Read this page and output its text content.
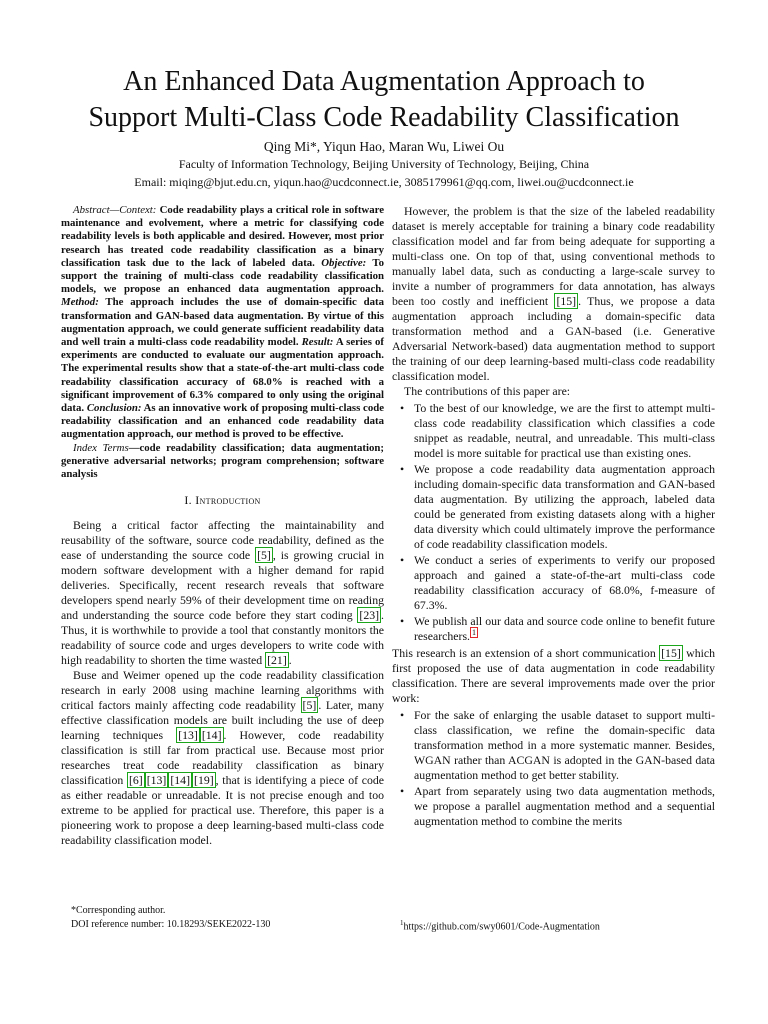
An Enhanced Data Augmentation Approach to
Support Multi-Class Code Readability Classification
Qing Mi*, Yiqun Hao, Maran Wu, Liwei Ou
Faculty of Information Technology, Beijing University of Technology, Beijing, China
Email: miqing@bjut.edu.cn, yiqun.hao@ucdconnect.ie, 3085179961@qq.com, liwei.ou@ucdconnect.ie

Abstract—Context: Code readability plays a critical role in software maintenance and evolvement, where a metric for classifying code readability levels is both applicable and desired. However, most prior research has treated code readability classification as a binary classification task due to the lack of labeled data. Objective: To support the training of multi-class code readability classification models, we propose an enhanced data augmentation approach. Method: The approach includes the use of domain-specific data transformation and GAN-based data augmentation. By virtue of this augmentation approach, we could generate sufficient readability data and well train a multi-class code readability model. Result: A series of experiments are conducted to evaluate our augmentation approach. The experimental results show that a state-of-the-art multi-class code readability classification accuracy of 68.0% is reached with a significant improvement of 6.3% compared to only using the original data. Conclusion: As an innovative work of proposing multi-class code readability classification and an enhanced code readability data augmentation approach, our method is proved to be effective.

Index Terms—code readability classification; data augmentation; generative adversarial networks; program comprehension; software analysis

I. Introduction

Being a critical factor affecting the maintainability and reusability of the software, source code readability, defined as the ease of understanding the source code [5] , is growing crucial in modern software development with a higher demand for rapid deliveries. Specifically, recent research reveals that software developers spend nearly 59% of their development time on reading and understanding the source code before they start coding [23] . Thus, it is worthwhile to provide a tool that constantly monitors the readability of source code and urges developers to write code with high readability to shorten the time wasted [21] .

Buse and Weimer opened up the code readability classification research in early 2008 using machine learning algorithms with critical factors mainly affecting code readability [5] . Later, many effective classification models are built including the use of deep learning techniques [13] [14] . However, code readability classification is still far from practical use. Because most prior researches treat code readability classification as binary classification [6] [13] [14] [19] , that is identifying a piece of code as either readable or unreadable. It is not precise enough and too extreme to be applied for practical use. Therefore, this paper is a pioneering work to propose a deep learning-based multi-class code readability classification model.

*Corresponding author.
DOI reference number: 10.18293/SEKE2022-130

However, the problem is that the size of the labeled readability dataset is merely acceptable for training a binary code readability classification model and far from being adequate for supporting a multi-class one. On top of that, using conventional methods to manually label data, such as conducting a large-scale survey to invite a number of programmers for data annotation, has always been too costly and inefficient [15] . Thus, we propose a data augmentation approach including a domain-specific data transformation method and a GAN-based (i.e. Generative Adversarial Network-based) data augmentation method to support the training of our deep learning-based multi-class code readability classification model.

The contributions of this paper are:

• To the best of our knowledge, we are the first to attempt multi-class code readability classification which classifies a code snippet as readable, neutral, and unreadable. This multi-class model is more suitable for practical use than existing ones.
• We propose a code readability data augmentation approach including domain-specific data transformation and GAN-based data augmentation. By utilizing the approach, labeled data could be generated from existing datasets along with a higher data diversity which could ultimately improve the performance of code readability classification models.
• We conduct a series of experiments to verify our proposed approach and gained a state-of-the-art multi-class code readability classification accuracy of 68.0%, f-measure of 67.3%.
• We publish all our data and source code online to benefit future researchers. $^1$

This research is an extension of a short communication [15] which first proposed the use of data augmentation in code readability classification. There are several improvements made over the prior work:

• For the sake of enlarging the usable dataset to support multi-class classification, we refine the domain-specific data transformation method in a more systematic manner. Besides, WGAN rather than ACGAN is adopted in the GAN-based data augmentation method to get better stability.
• Apart from separately using two data augmentation methods, we propose a parallel augmentation method and a sequential augmentation method to combine the merits
$^1$https://github.com/swy0601/Code-Augmentation
